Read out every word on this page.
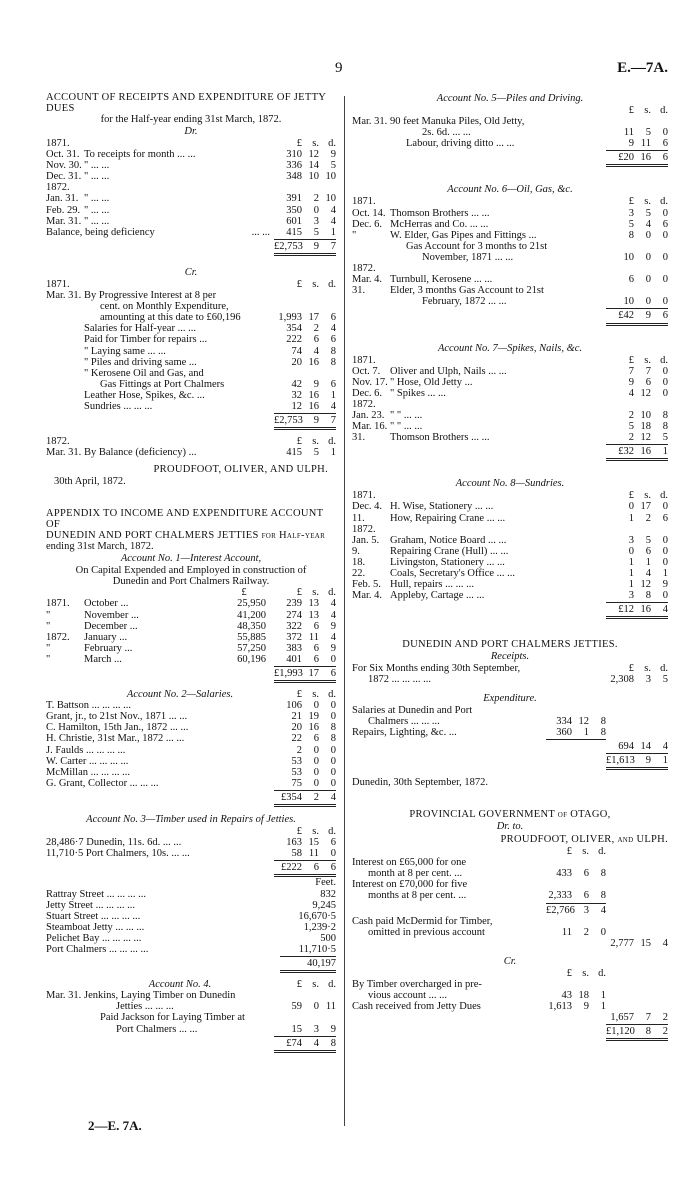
9	E.—7A.
ACCOUNT OF RECEIPTS AND EXPENDITURE OF JETTY DUES
for the Half-year ending 31st March, 1872.
Dr.
1871.	£ s. d.
Oct. 31. To receipts for month ... ...	310 12	9
Nov. 30. " ... ...	336 14	5
Dec. 31. " ... ...	348 10 10
1872.
Jan. 31. " ... ...	391	2 10
Feb. 29. " ... ...	350	0	4
Mar. 31. " ... ...	601	3	4
Balance, being deficiency	... ...	415	5	1
£2,753	9	7
Cr.
1871.	£ s. d.
Mar. 31. By Progressive Interest at 8 per
cent. on Monthly Expenditure,
amounting at this date to £60,196	1,993 17	6
Salaries for Half-year ... ...	354	2	4
Paid for Timber for repairs ...	222	6	6
" Laying same ... ...	74	4	8
" Piles and driving same ...	20 16	8
" Kerosene Oil and Gas, and
Gas Fittings at Port Chalmers	42	9	6
Leather Hose, Spikes, &c. ...	32 16	1
Sundries ... ... ...	12 16	4
£2,753	9	7
1872.	£ s. d.
Mar. 31. By Balance (deficiency) ...	415	5	1
PROUDFOOT, OLIVER, AND ULPH.
30th April, 1872.
APPENDIX TO INCOME AND EXPENDITURE ACCOUNT OF
DUNEDIN AND PORT CHALMERS JETTIES for Half-year
ending 31st March, 1872.
Account No. 1—Interest Account,
On Capital Expended and Employed in construction of
Dunedin and Port Chalmers Railway.
£	£ s. d.
1871.	October ...	25,950	239 13	4
"	November ...	41,200	274 13	4
"	December ...	48,350	322	6	9
1872.	January ...	55,885	372 11	4
"	February ...	57,250	383	6	9
"	March ...	60,196	401	6	0
£1,993 17	6
Account No. 2—Salaries.	£ s. d.
T. Battson ... ... ... ...	106	0	0
Grant, jr., to 21st Nov., 1871 ... ...	21 19	0
C. Hamilton, 15th Jan., 1872 ... ...	20 16	8
H. Christie, 31st Mar., 1872 ... ...	22	6	8
J. Faulds ... ... ... ...	2	0	0
W. Carter ... ... ... ...	53	0	0
McMillan ... ... ... ...	53	0	0
G. Grant, Collector ... ... ...	75	0	0
£354	2	4
Account No. 3—Timber used in Repairs of Jetties.
£ s. d.
28,486·7 Dunedin, 11s. 6d. ... ...	163 15	6
11,710·5 Port Chalmers, 10s. ... ...	58 11	0
£222	6	6
Feet.
Rattray Street ... ... ... ...	832
Jetty Street ... ... ... ...	9,245
Stuart Street ... ... ... ...	16,670·5
Steamboat Jetty ... ... ...	1,239·2
Pelichet Bay ... ... ... ...	500
Port Chalmers ... ... ... ...	11,710·5
40,197
Account No. 4.	£ s. d.
Mar. 31. Jenkins, Laying Timber on Dunedin
Jetties ... ... ...	59	0 11
Paid Jackson for Laying Timber at
Port Chalmers ... ...	15	3	9
£74	4	8
Account No. 5—Piles and Driving.
£ s. d.
Mar. 31. 90 feet Manuka Piles, Old Jetty,
2s. 6d. ... ...	11	5	0
Labour, driving ditto ... ...	9 11	6
£20 16	6
Account No. 6—Oil, Gas, &c.
1871.	£ s. d.
Oct. 14. Thomson Brothers ... ...	3	5	0
Dec. 6. McHerras and Co. ... ...	5	4	6
"	W. Elder, Gas Pipes and Fittings ...	8	0	0
Gas Account for 3 months to 21st
November, 1871 ... ...	10	0	0
1872.
Mar. 4. Turnbull, Kerosene ... ...	6	0	0
31.	Elder, 3 months Gas Account to 21st
February, 1872 ... ...	10	0	0
£42	9	6
Account No. 7—Spikes, Nails, &c.
1871.	£ s. d.
Oct. 7. Oliver and Ulph, Nails ... ...	7	7	0
Nov. 17. " Hose, Old Jetty ...	9	6	0
Dec. 6. " Spikes ... ...	4 12	0
1872.
Jan. 23. " " ... ...	2 10	8
Mar. 16. " " ... ...	5 18	8
31.	Thomson Brothers ... ...	2 12	5
£32 16	1
Account No. 8—Sundries.
1871.	£ s. d.
Dec. 4. H. Wise, Stationery ... ...	0 17	0
11.	How, Repairing Crane ... ...	1	2	6
1872.
Jan. 5.	Graham, Notice Board ... ...	3	5	0
9.	Repairing Crane (Hull) ... ...	0	6	0
18.	Livingston, Stationery ... ...	1	1	0
22.	Coals, Secretary's Office ... ...	1	4	1
Feb. 5. Hull, repairs ... ... ...	1 12	9
Mar. 4. Appleby, Cartage ... ...	3	8	0
£12 16	4
DUNEDIN AND PORT CHALMERS JETTIES.
Receipts.
For Six Months ending 30th September,	£ s. d.
1872 ... ... ... ...	2,308	3	5
Expenditure.
Salaries at Dunedin and Port
Chalmers ... ... ...	334 12	8
Repairs, Lighting, &c. ...	360	1	8
694 14	4
£1,613	9	1
Dunedin, 30th September, 1872.
PROVINCIAL GOVERNMENT of OTAGO,
Dr. to.
PROUDFOOT, OLIVER, and ULPH.
£ s. d.
Interest on £65,000 for one
month at 8 per cent. ...	433	6	8
Interest on £70,000 for five
months at 8 per cent. ...	2,333	6	8
£2,766 3	4
Cash paid McDermid for Timber,
omitted in previous account	11	2	0
2,777 15	4
Cr.
£ s. d.
By Timber overcharged in pre-
vious account ... ...	43 18	1
Cash received from Jetty Dues	1,613	9	1
1,657	7	2
£1,120	8	2
2—E. 7A.
